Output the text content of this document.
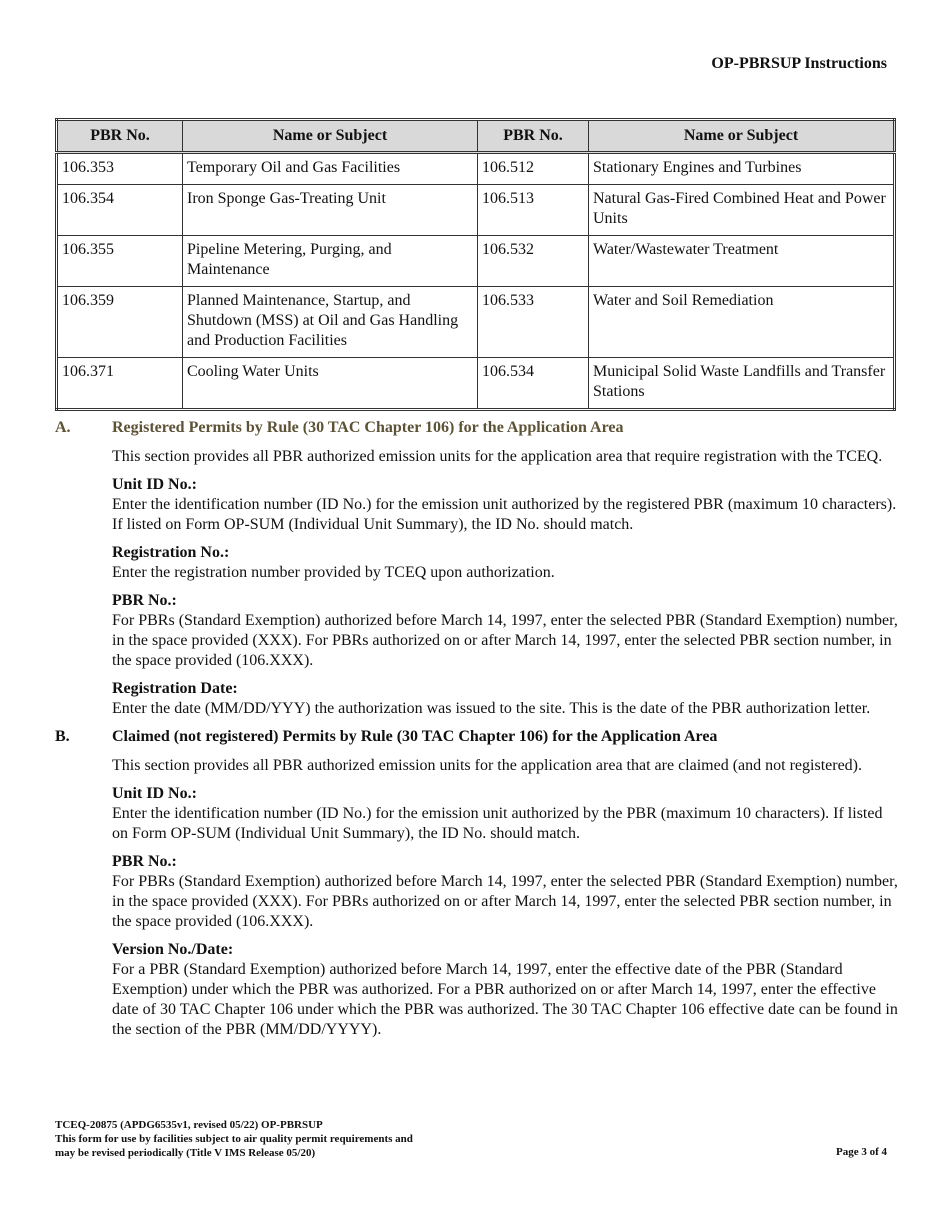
OP-PBRSUP Instructions
PBR No.	Name or Subject	PBR No.	Name or Subject
106.353	Temporary Oil and Gas Facilities	106.512	Stationary Engines and Turbines
106.354	Iron Sponge Gas-Treating Unit	106.513	Natural Gas-Fired Combined Heat and Power Units
106.355	Pipeline Metering, Purging, and Maintenance	106.532	Water/Wastewater Treatment
106.359	Planned Maintenance, Startup, and Shutdown (MSS) at Oil and Gas Handling and Production Facilities	106.533	Water and Soil Remediation
106.371	Cooling Water Units	106.534	Municipal Solid Waste Landfills and Transfer Stations
A.	Registered Permits by Rule (30 TAC Chapter 106) for the Application Area

This section provides all PBR authorized emission units for the application area that require registration with the TCEQ.

Unit ID No.:

Enter the identification number (ID No.) for the emission unit authorized by the registered PBR (maximum 10 characters). If listed on Form OP-SUM (Individual Unit Summary), the ID No. should match.

Registration No.:

Enter the registration number provided by TCEQ upon authorization.

PBR No.:

For PBRs (Standard Exemption) authorized before March 14, 1997, enter the selected PBR (Standard Exemption) number, in the space provided (XXX). For PBRs authorized on or after March 14, 1997, enter the selected PBR section number, in the space provided (106.XXX).

Registration Date:

Enter the date (MM/DD/YYY) the authorization was issued to the site. This is the date of the PBR authorization letter.

B.	Claimed (not registered) Permits by Rule (30 TAC Chapter 106) for the Application Area

This section provides all PBR authorized emission units for the application area that are claimed (and not registered).

Unit ID No.:

Enter the identification number (ID No.) for the emission unit authorized by the PBR (maximum 10 characters). If listed on Form OP-SUM (Individual Unit Summary), the ID No. should match.

PBR No.:

For PBRs (Standard Exemption) authorized before March 14, 1997, enter the selected PBR (Standard Exemption) number, in the space provided (XXX). For PBRs authorized on or after March 14, 1997, enter the selected PBR section number, in the space provided (106.XXX).

Version No./Date:

For a PBR (Standard Exemption) authorized before March 14, 1997, enter the effective date of the PBR (Standard Exemption) under which the PBR was authorized. For a PBR authorized on or after March 14, 1997, enter the effective date of 30 TAC Chapter 106 under which the PBR was authorized. The 30 TAC Chapter 106 effective date can be found in the section of the PBR (MM/DD/YYYY).

TCEQ-20875 (APDG6535v1, revised 05/22) OP-PBRSUP
This form for use by facilities subject to air quality permit requirements and
may be revised periodically (Title V IMS Release 05/20)	Page 3 of 4
